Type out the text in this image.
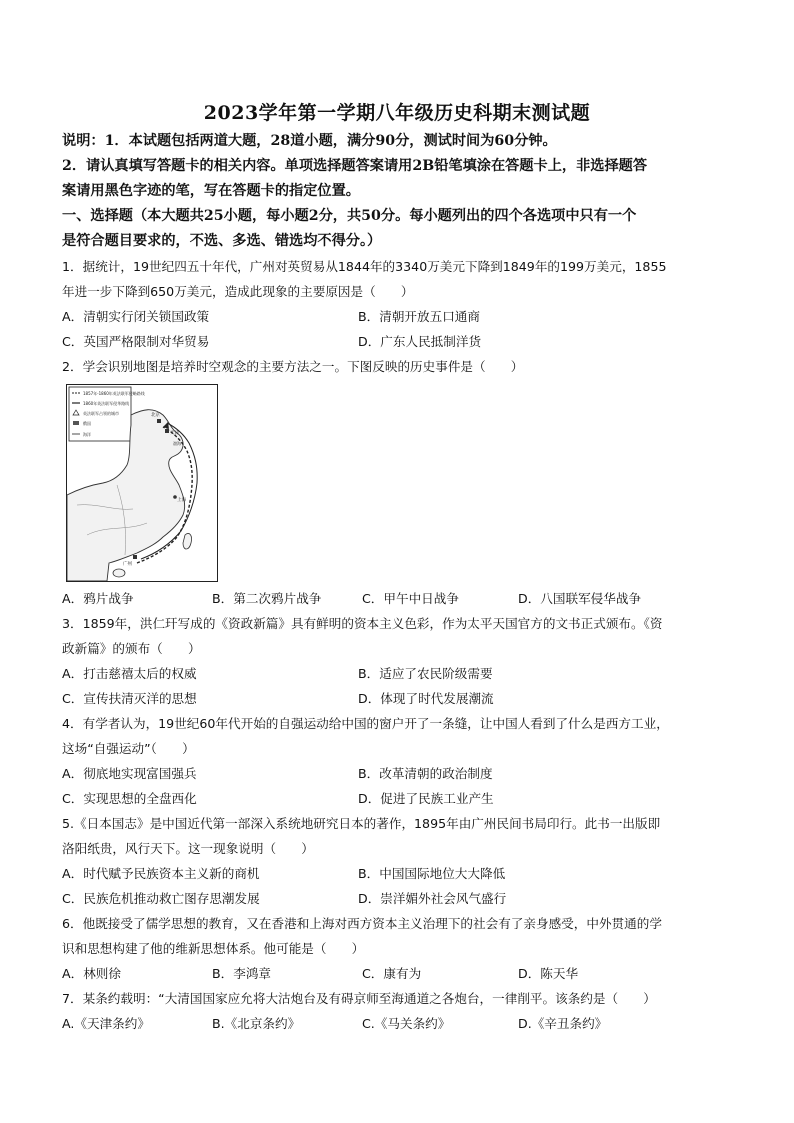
2023学年第一学期八年级历史科期末测试题
说明：1．本试题包括两道大题，28道小题，满分90分，测试时间为60分钟。
2．请认真填写答题卡的相关内容。单项选择题答案请用2B铅笔填涂在答题卡上，非选择题答
案请用黑色字迹的笔，写在答题卡的指定位置。
一、选择题（本大题共25小题，每小题2分，共50分。每小题列出的四个各选项中只有一个
是符合题目要求的，不选、多选、错选均不得分。）
1．据统计，19世纪四五十年代，广州对英贸易从1844年的3340万美元下降到1849年的199万美元，1855
年进一步下降到650万美元，造成此现象的主要原因是（　　）
A．清朝实行闭关锁国政策	B．清朝开放五口通商
C．英国严格限制对华贸易	D．广东人民抵制洋货
2．学会识别地图是培养时空观念的主要方法之一。下图反映的历史事件是（　　）
1857年-1860年英法联军侵略路线
1860年英法联军侵华路线
英法联军占领的城市
俄国
海洋
北京
天津
广州
上海
渤海
A．鸦片战争	B．第二次鸦片战争	C．甲午中日战争	D．八国联军侵华战争
3．1859年，洪仁玕写成的《资政新篇》具有鲜明的资本主义色彩，作为太平天国官方的文书正式颁布。《资
政新篇》的颁布（　　）
A．打击慈禧太后的权威	B．适应了农民阶级需要
C．宣传扶清灭洋的思想	D．体现了时代发展潮流
4．有学者认为，19世纪60年代开始的自强运动给中国的窗户开了一条缝，让中国人看到了什么是西方工业，
这场“自强运动”（　　）
A．彻底地实现富国强兵	B．改革清朝的政治制度
C．实现思想的全盘西化	D．促进了民族工业产生
5.《日本国志》是中国近代第一部深入系统地研究日本的著作，1895年由广州民间书局印行。此书一出版即
洛阳纸贵，风行天下。这一现象说明（　　）
A．时代赋予民族资本主义新的商机	B．中国国际地位大大降低
C．民族危机推动救亡图存思潮发展	D．崇洋媚外社会风气盛行
6．他既接受了儒学思想的教育，又在香港和上海对西方资本主义治理下的社会有了亲身感受，中外贯通的学
识和思想构建了他的维新思想体系。他可能是（　　）
A．林则徐	B．李鸿章	C．康有为	D．陈天华
7．某条约载明：“大清国国家应允将大沽炮台及有碍京师至海通道之各炮台，一律削平。该条约是（　　）
A.《天津条约》	B.《北京条约》	C.《马关条约》	D.《辛丑条约》
